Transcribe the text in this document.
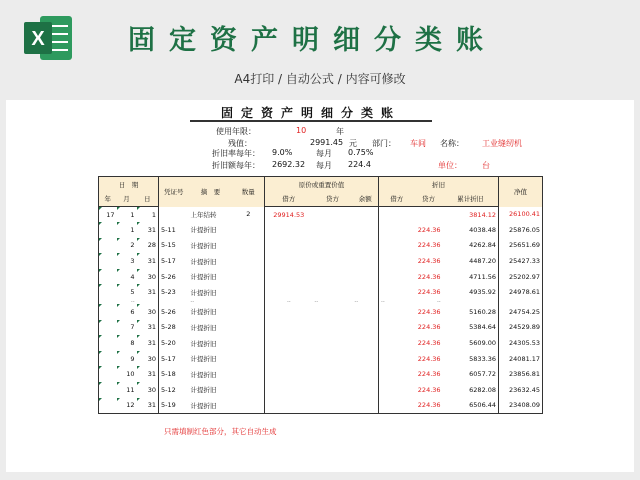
X	固定资产明细分类账
A4打印 / 自动公式 / 内容可修改
固定资产明细分类账
使用年限：	10	年
残值：	2991.45 元 部门： 车间 名称： 工业缝纫机
折旧率每年： 9.0%	每月 0.75%
折旧额每年： 2692.32 每月 224.4	单位：	台
日　期			凭证号	摘　要	数量	原价或重置价值			折旧			净值
年	月	日				借方	贷方	余额	借方	贷方	累计折旧	
17	1	1		上年结转	2	29914.53					3814.12	26100.41
	1	31	5-11	计提折旧						224.36	4038.48	25876.05
	2	28	5-15	计提折旧						224.36	4262.84	25651.69
	3	31	5-17	计提折旧						224.36	4487.20	25427.33
	4	30	5-26	计提折旧						224.36	4711.56	25202.97
	5	31	5-23	计提折旧						224.36	4935.92	24978.61
	--			--		--	--	--	--	--		
	6	30	5-26	计提折旧						224.36	5160.28	24754.25
	7	31	5-28	计提折旧						224.36	5384.64	24529.89
	8	31	5-20	计提折旧						224.36	5609.00	24305.53
	9	30	5-17	计提折旧						224.36	5833.36	24081.17
	10	31	5-18	计提折旧						224.36	6057.72	23856.81
	11	30	5-12	计提折旧						224.36	6282.08	23632.45
	12	31	5-19	计提折旧						224.36	6506.44	23408.09
只需填制红色部分，其它自动生成
